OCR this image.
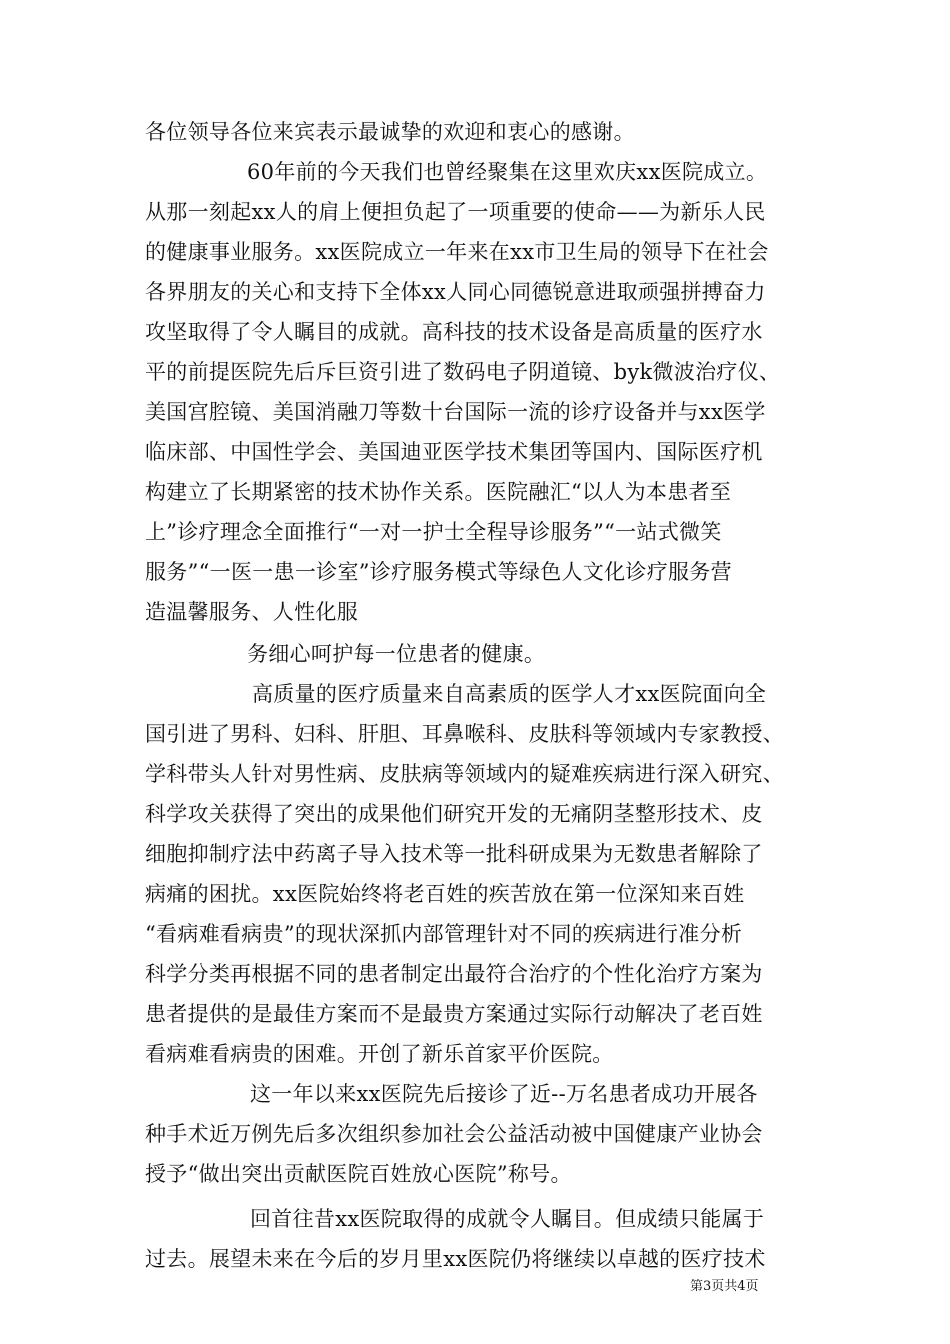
各位领导各位来宾表示最诚挚的欢迎和衷心的感谢。
60年前的今天我们也曾经聚集在这里欢庆xx医院成立。
从那一刻起xx人的肩上便担负起了一项重要的使命——为新乐人民
的健康事业服务。xx医院成立一年来在xx市卫生局的领导下在社会
各界朋友的关心和支持下全体xx人同心同德锐意进取顽强拼搏奋力
攻坚取得了令人瞩目的成就。高科技的技术设备是高质量的医疗水
平的前提医院先后斥巨资引进了数码电子阴道镜、byk微波治疗仪、
美国宫腔镜、美国消融刀等数十台国际一流的诊疗设备并与xx医学
临床部、中国性学会、美国迪亚医学技术集团等国内、国际医疗机
构建立了长期紧密的技术协作关系。医院融汇“以人为本患者至
上”诊疗理念全面推行“一对一护士全程导诊服务”“一站式微笑
服务”“一医一患一诊室”诊疗服务模式等绿色人文化诊疗服务营
造温馨服务、人性化服
务细心呵护每一位患者的健康。
高质量的医疗质量来自高素质的医学人才xx医院面向全
国引进了男科、妇科、肝胆、耳鼻喉科、皮肤科等领域内专家教授、
学科带头人针对男性病、皮肤病等领域内的疑难疾病进行深入研究、
科学攻关获得了突出的成果他们研究开发的无痛阴茎整形技术、皮
细胞抑制疗法中药离子导入技术等一批科研成果为无数患者解除了
病痛的困扰。xx医院始终将老百姓的疾苦放在第一位深知来百姓
“看病难看病贵”的现状深抓内部管理针对不同的疾病进行准分析
科学分类再根据不同的患者制定出最符合治疗的个性化治疗方案为
患者提供的是最佳方案而不是最贵方案通过实际行动解决了老百姓
看病难看病贵的困难。开创了新乐首家平价医院。
这一年以来xx医院先后接诊了近--万名患者成功开展各
种手术近万例先后多次组织参加社会公益活动被中国健康产业协会
授予“做出突出贡献医院百姓放心医院”称号。
回首往昔xx医院取得的成就令人瞩目。但成绩只能属于
过去。展望未来在今后的岁月里xx医院仍将继续以卓越的医疗技术
第3页共4页
